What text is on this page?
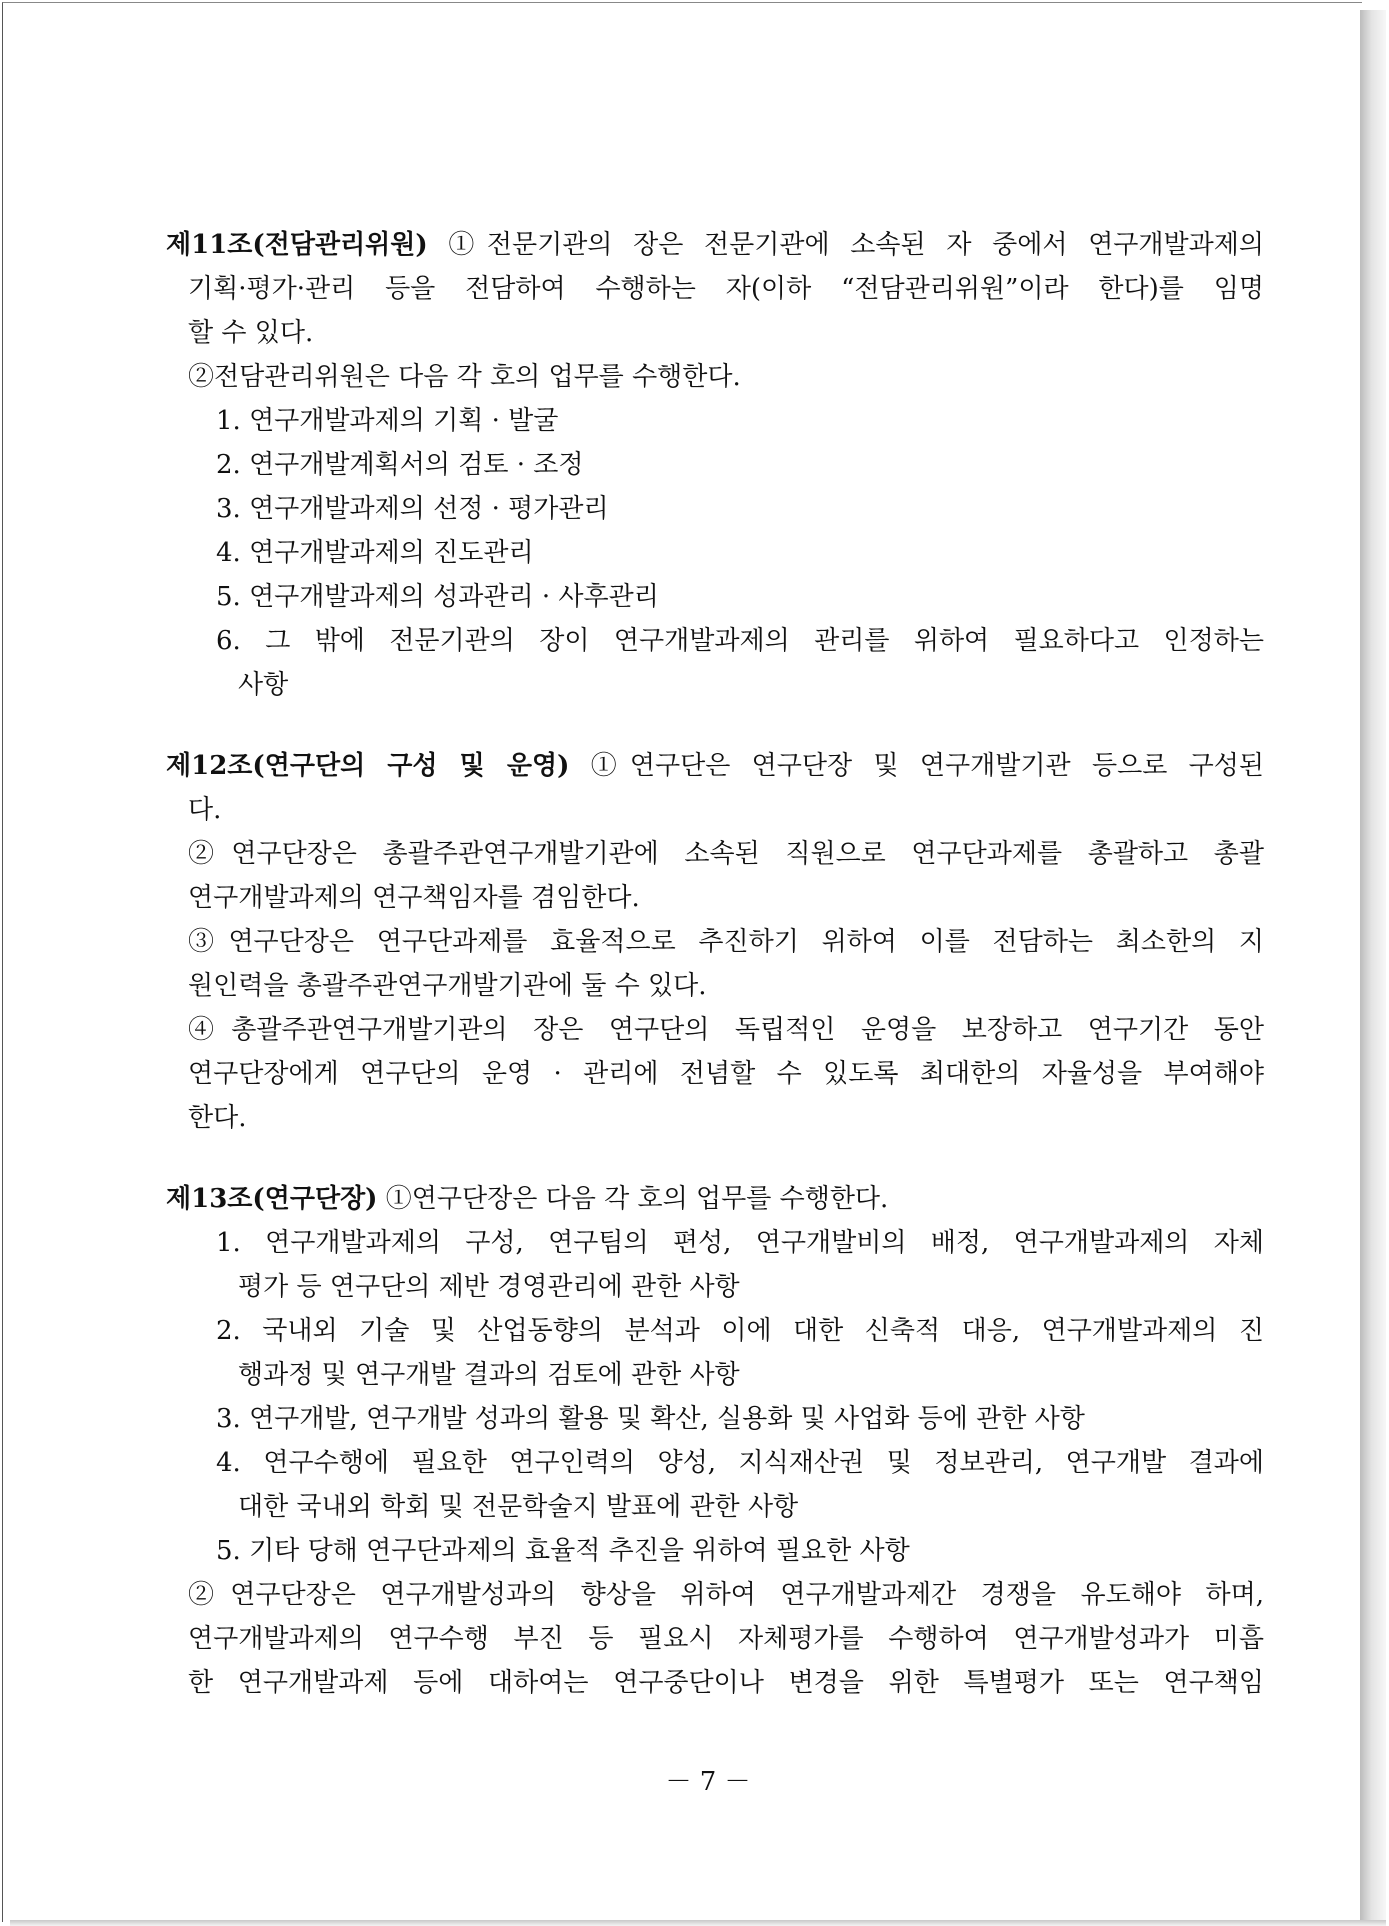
제11조(전담관리위원) ①전문기관의 장은 전문기관에 소속된 자 중에서 연구개발과제의
기획·평가·관리 등을 전담하여 수행하는 자(이하 “전담관리위원”이라 한다)를 임명
할 수 있다.
②전담관리위원은 다음 각 호의 업무를 수행한다.
1. 연구개발과제의 기획 · 발굴
2. 연구개발계획서의 검토 · 조정
3. 연구개발과제의 선정 · 평가관리
4. 연구개발과제의 진도관리
5. 연구개발과제의 성과관리 · 사후관리
6. 그 밖에 전문기관의 장이 연구개발과제의 관리를 위하여 필요하다고 인정하는
사항
제12조(연구단의 구성 및 운영) ①연구단은 연구단장 및 연구개발기관 등으로 구성된
다.
②연구단장은 총괄주관연구개발기관에 소속된 직원으로 연구단과제를 총괄하고 총괄
연구개발과제의 연구책임자를 겸임한다.
③연구단장은 연구단과제를 효율적으로 추진하기 위하여 이를 전담하는 최소한의 지
원인력을 총괄주관연구개발기관에 둘 수 있다.
④총괄주관연구개발기관의 장은 연구단의 독립적인 운영을 보장하고 연구기간 동안
연구단장에게 연구단의 운영 · 관리에 전념할 수 있도록 최대한의 자율성을 부여해야
한다.
제13조(연구단장) ①연구단장은 다음 각 호의 업무를 수행한다.
1. 연구개발과제의 구성, 연구팀의 편성, 연구개발비의 배정, 연구개발과제의 자체
평가 등 연구단의 제반 경영관리에 관한 사항
2. 국내외 기술 및 산업동향의 분석과 이에 대한 신축적 대응, 연구개발과제의 진
행과정 및 연구개발 결과의 검토에 관한 사항
3. 연구개발, 연구개발 성과의 활용 및 확산, 실용화 및 사업화 등에 관한 사항
4. 연구수행에 필요한 연구인력의 양성, 지식재산권 및 정보관리, 연구개발 결과에
대한 국내외 학회 및 전문학술지 발표에 관한 사항
5. 기타 당해 연구단과제의 효율적 추진을 위하여 필요한 사항
②연구단장은 연구개발성과의 향상을 위하여 연구개발과제간 경쟁을 유도해야 하며,
연구개발과제의 연구수행 부진 등 필요시 자체평가를 수행하여 연구개발성과가 미흡
한 연구개발과제 등에 대하여는 연구중단이나 변경을 위한 특별평가 또는 연구책임
－ 7 －
